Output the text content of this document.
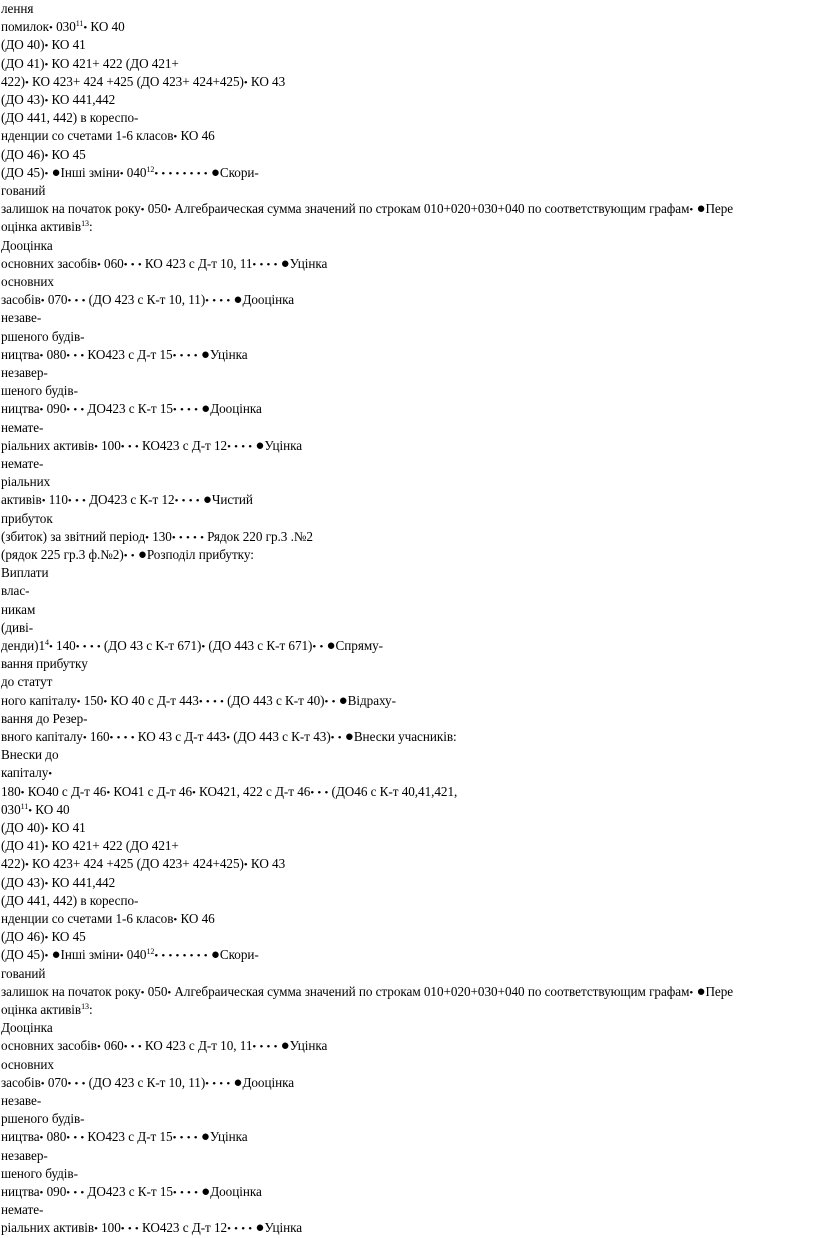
лення

помилок• $030^{11}•$ КО 40

(ДО 40)• КО 41

(ДО 41)• КО 421+ 422 (ДО 421+

422)• КО 423+ 424 +425 (ДО 423+ 424+425)• КО 43

(ДО 43)• КО 441,442

(ДО 441, 442) в кореспо-

нденции со счетами 1-6 класов• КО 46

(ДО 46)• КО 45

(ДО 45)• ●Інші зміни• $040^{12}•$ • • • • • • • ●Скори-

гований

залишок на початок року• 050• Алгебраическая сумма значений по строкам 010+020+030+040 по соответствующим графам• ●Пере

оцінка активів$^{13}$:

Дооцінка

основних засобів• 060• • • КО 423 с Д-т 10, 11• • • • ●Уцінка

основних

засобів• 070• • • (ДО 423 с К-т 10, 11)• • • • ●Дооцінка

незаве-

ршеного будів-

ництва• 080• • • КО423 с Д-т 15• • • • ●Уцінка

незавер-

шеного будів-

ництва• 090• • • ДО423 с К-т 15• • • • ●Дооцінка

немате-

ріальних активів• 100• • • КО423 с Д-т 12• • • • ●Уцінка

немате-

ріальних

активів• 110• • • ДО423 с К-т 12• • • • ●Чистий

прибуток

(збиток) за звітний період• 130• • • • • Рядок 220 гр.3 .№2

(рядок 225 гр.3 ф.№2)• • ●Розподіл прибутку:

Виплати

влас-

никам

(диві-

$денди)1^4•$ 140• • • • (ДО 43 с К-т 671)• (ДО 443 с К-т 671)• • ●Спряму-

вання прибутку

до статут

ного капіталу• 150• КО 40 с Д-т 443• • • • (ДО 443 с К-т 40)• • ●Відраху-

вання до Резер-

вного капіталу• 160• • • • КО 43 с Д-т 443• (ДО 443 с К-т 43)• • ●Внески учасників:

Внески до

капіталу•

180• КО40 с Д-т 46• КО41 с Д-т 46• КО421, 422 с Д-т 46• • • (ДО46 с К-т 40,41,421,

$030^{11}•$ КО 40

(ДО 40)• КО 41

(ДО 41)• КО 421+ 422 (ДО 421+

422)• КО 423+ 424 +425 (ДО 423+ 424+425)• КО 43

(ДО 43)• КО 441,442

(ДО 441, 442) в кореспо-

нденции со счетами 1-6 класов• КО 46

(ДО 46)• КО 45

(ДО 45)• ●Інші зміни• $040^{12}•$ • • • • • • • ●Скори-

гований

залишок на початок року• 050• Алгебраическая сумма значений по строкам 010+020+030+040 по соответствующим графам• ●Пере

оцінка активів$^{13}$:

Дооцінка

основних засобів• 060• • • КО 423 с Д-т 10, 11• • • • ●Уцінка

основних

засобів• 070• • • (ДО 423 с К-т 10, 11)• • • • ●Дооцінка

незаве-

ршеного будів-

ництва• 080• • • КО423 с Д-т 15• • • • ●Уцінка

незавер-

шеного будів-

ництва• 090• • • ДО423 с К-т 15• • • • ●Дооцінка

немате-

ріальних активів• 100• • • КО423 с Д-т 12• • • • ●Уцінка
